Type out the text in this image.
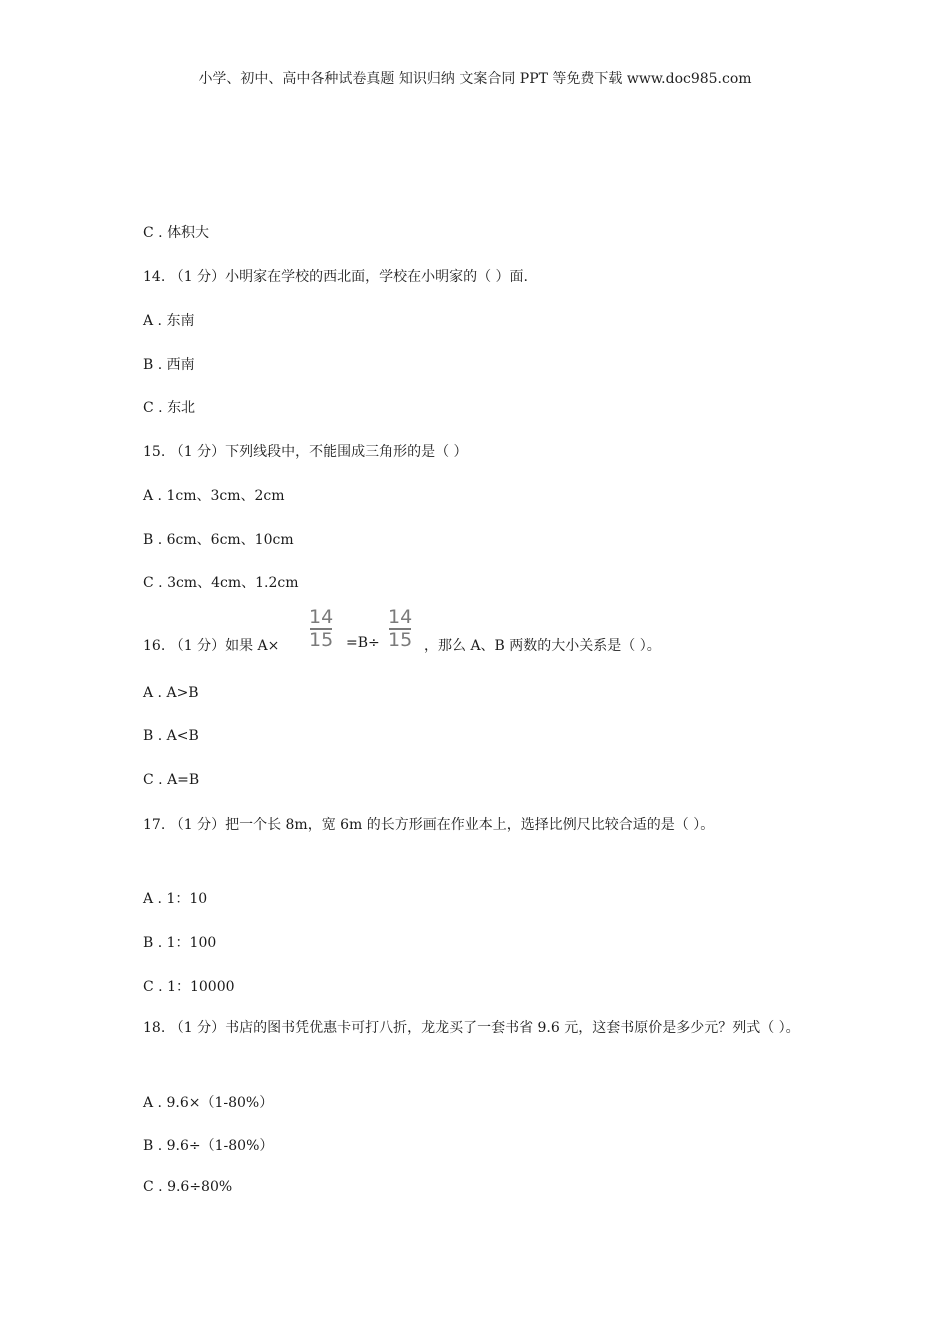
小学、初中、高中各种试卷真题 知识归纳 文案合同 PPT 等免费下载 www.doc985.com
C . 体积大
14. （1 分）小明家在学校的西北面，学校在小明家的（ ）面.
A . 东南
B . 西南
C . 东北
15. （1 分）下列线段中，不能围成三角形的是（ ）
A . 1cm、3cm、2cm
B . 6cm、6cm、10cm
C . 3cm、4cm、1.2cm
16. （1 分）如果 A×
14
15 =B÷
14
15 ，那么 A、B 两数的大小关系是（ ）。
A . A>B
B . A<B
C . A=B
17. （1 分）把一个长 8m，宽 6m 的长方形画在作业本上，选择比例尺比较合适的是（ ）。
A . 1：10
B . 1：100
C . 1：10000
18. （1 分）书店的图书凭优惠卡可打八折，龙龙买了一套书省 9.6 元，这套书原价是多少元？列式（ ）。
A . 9.6×（1-80%）
B . 9.6÷（1-80%）
C . 9.6÷80%
